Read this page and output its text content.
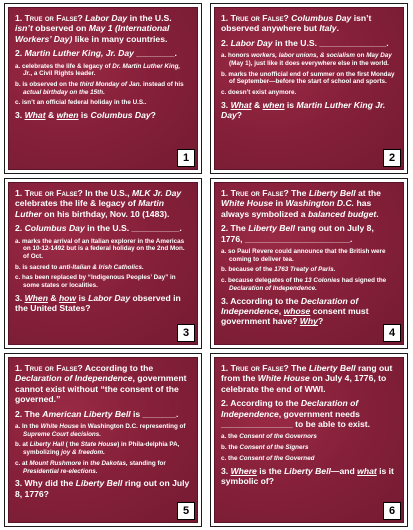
1. True or False? Labor Day in the U.S. isn’t observed on May 1 (International Workers’ Day) like in many countries.

2. Martin Luther King, Jr. Day ________.

a. celebrates the life & legacy of Dr. Martin Luther King, Jr., a Civil Rights leader.

b. is observed on the third Monday of Jan. instead of his actual birthday on the 15th.

c. isn’t an official federal holiday in the U.S..

3. What & when is Columbus Day?

1

1. True or False? Columbus Day isn’t observed anywhere but Italy.

2. Labor Day in the U.S. ______________.

a. honors workers, labor unions, & socialism on May Day (May 1), just like it does everywhere else in the world.

b. marks the unofficial end of summer on the first Monday of September—before the start of school and sports.

c. doesn’t exist anymore.

3. What & when is Martin Luther King Jr. Day?

2

1. True or False? In the U.S., MLK Jr. Day celebrates the life & legacy of Martin Luther on his birthday, Nov. 10 (1483).

2. Columbus Day in the U.S. __________.

a. marks the arrival of an Italian explorer in the Americas on 10-12-1492 but is a federal holiday on the 2nd Mon. of Oct.

b. is sacred to anti-Italian & Irish Catholics.

c. has been replaced by “Indigenous Peoples’ Day” in some states or localities.

3. When & how is Labor Day observed in the United States?

3

1. True or False? The Liberty Bell at the White House in Washington D.C. has always symbolized a balanced budget.

2. The Liberty Bell rang out on July 8, 1776, ______________________.

a. so Paul Revere could announce that the British were coming to deliver tea.

b. because of the 1763 Treaty of Paris.

c. because delegates of the 13 Colonies had signed the Declaration of Independence.

3. According to the Declaration of Independence, whose consent must government have? Why?

4

1. True or False? According to the Declaration of Independence, government cannot exist without “the consent of the governed.”

2. The American Liberty Bell is _______.

a. In the White House in Washington D.C. representing of Supreme Court decisions.

b. at Liberty Hall ( the State House) in Phila-delphia PA, symbolizing joy & freedom.

c. at Mount Rushmore in the Dakotas, standing for Presidential re-elections.

3. Why did the Liberty Bell ring out on July 8, 1776?

5

1. True or False? The Liberty Bell rang out from the White House on July 4, 1776, to celebrate the end of WWI.

2. According to the Declaration of Independence, government needs _______________ to be able to exist.

a. the Consent of the Governors

b. the Consent of the Signers

c. the Consent of the Governed

3. Where is the Liberty Bell—and what is it symbolic of?

6
